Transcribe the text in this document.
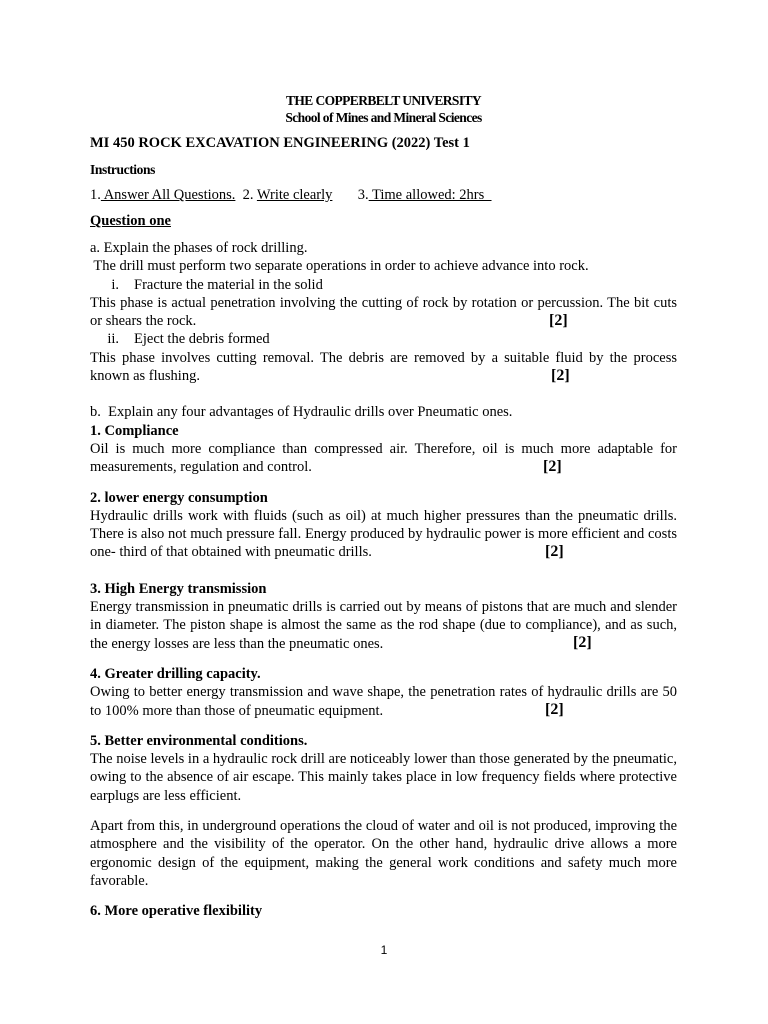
THE COPPERBELT UNIVERSITY
School of Mines and Mineral Sciences
MI 450 ROCK EXCAVATION ENGINEERING (2022) Test 1
Instructions
1. Answer All Questions. 2. Write clearly 3. Time allowed: 2hrs
Question one

a. Explain the phases of rock drilling.

The drill must perform two separate operations in order to achieve advance into rock.

i.	Fracture the material in the solid

This phase is actual penetration involving the cutting of rock by rotation or percussion. The bit cuts or shears the rock.	[2]

ii.	Eject the debris formed

This phase involves cutting removal. The debris are removed by a suitable fluid by the process known as flushing.	[2]

b.  Explain any four advantages of Hydraulic drills over Pneumatic ones.

1. Compliance

Oil is much more compliance than compressed air. Therefore, oil is much more adaptable for measurements, regulation and control.	[2]

2. lower energy consumption

Hydraulic drills work with fluids (such as oil) at much higher pressures than the pneumatic drills. There is also not much pressure fall. Energy produced by hydraulic power is more efficient and costs one- third of that obtained with pneumatic drills.	[2]

3. High Energy transmission

Energy transmission in pneumatic drills is carried out by means of pistons that are much and slender in diameter. The piston shape is almost the same as the rod shape (due to compliance), and as such, the energy losses are less than the pneumatic ones.	[2]

4. Greater drilling capacity.

Owing to better energy transmission and wave shape, the penetration rates of hydraulic drills are 50 to 100% more than those of pneumatic equipment.	[2]

5. Better environmental conditions.

The noise levels in a hydraulic rock drill are noticeably lower than those generated by the pneumatic, owing to the absence of air escape. This mainly takes place in low frequency fields where protective earplugs are less efficient.

Apart from this, in underground operations the cloud of water and oil is not produced, improving the atmosphere and the visibility of the operator. On the other hand, hydraulic drive allows a more ergonomic design of the equipment, making the general work conditions and safety much more favorable.

6. More operative flexibility

1
